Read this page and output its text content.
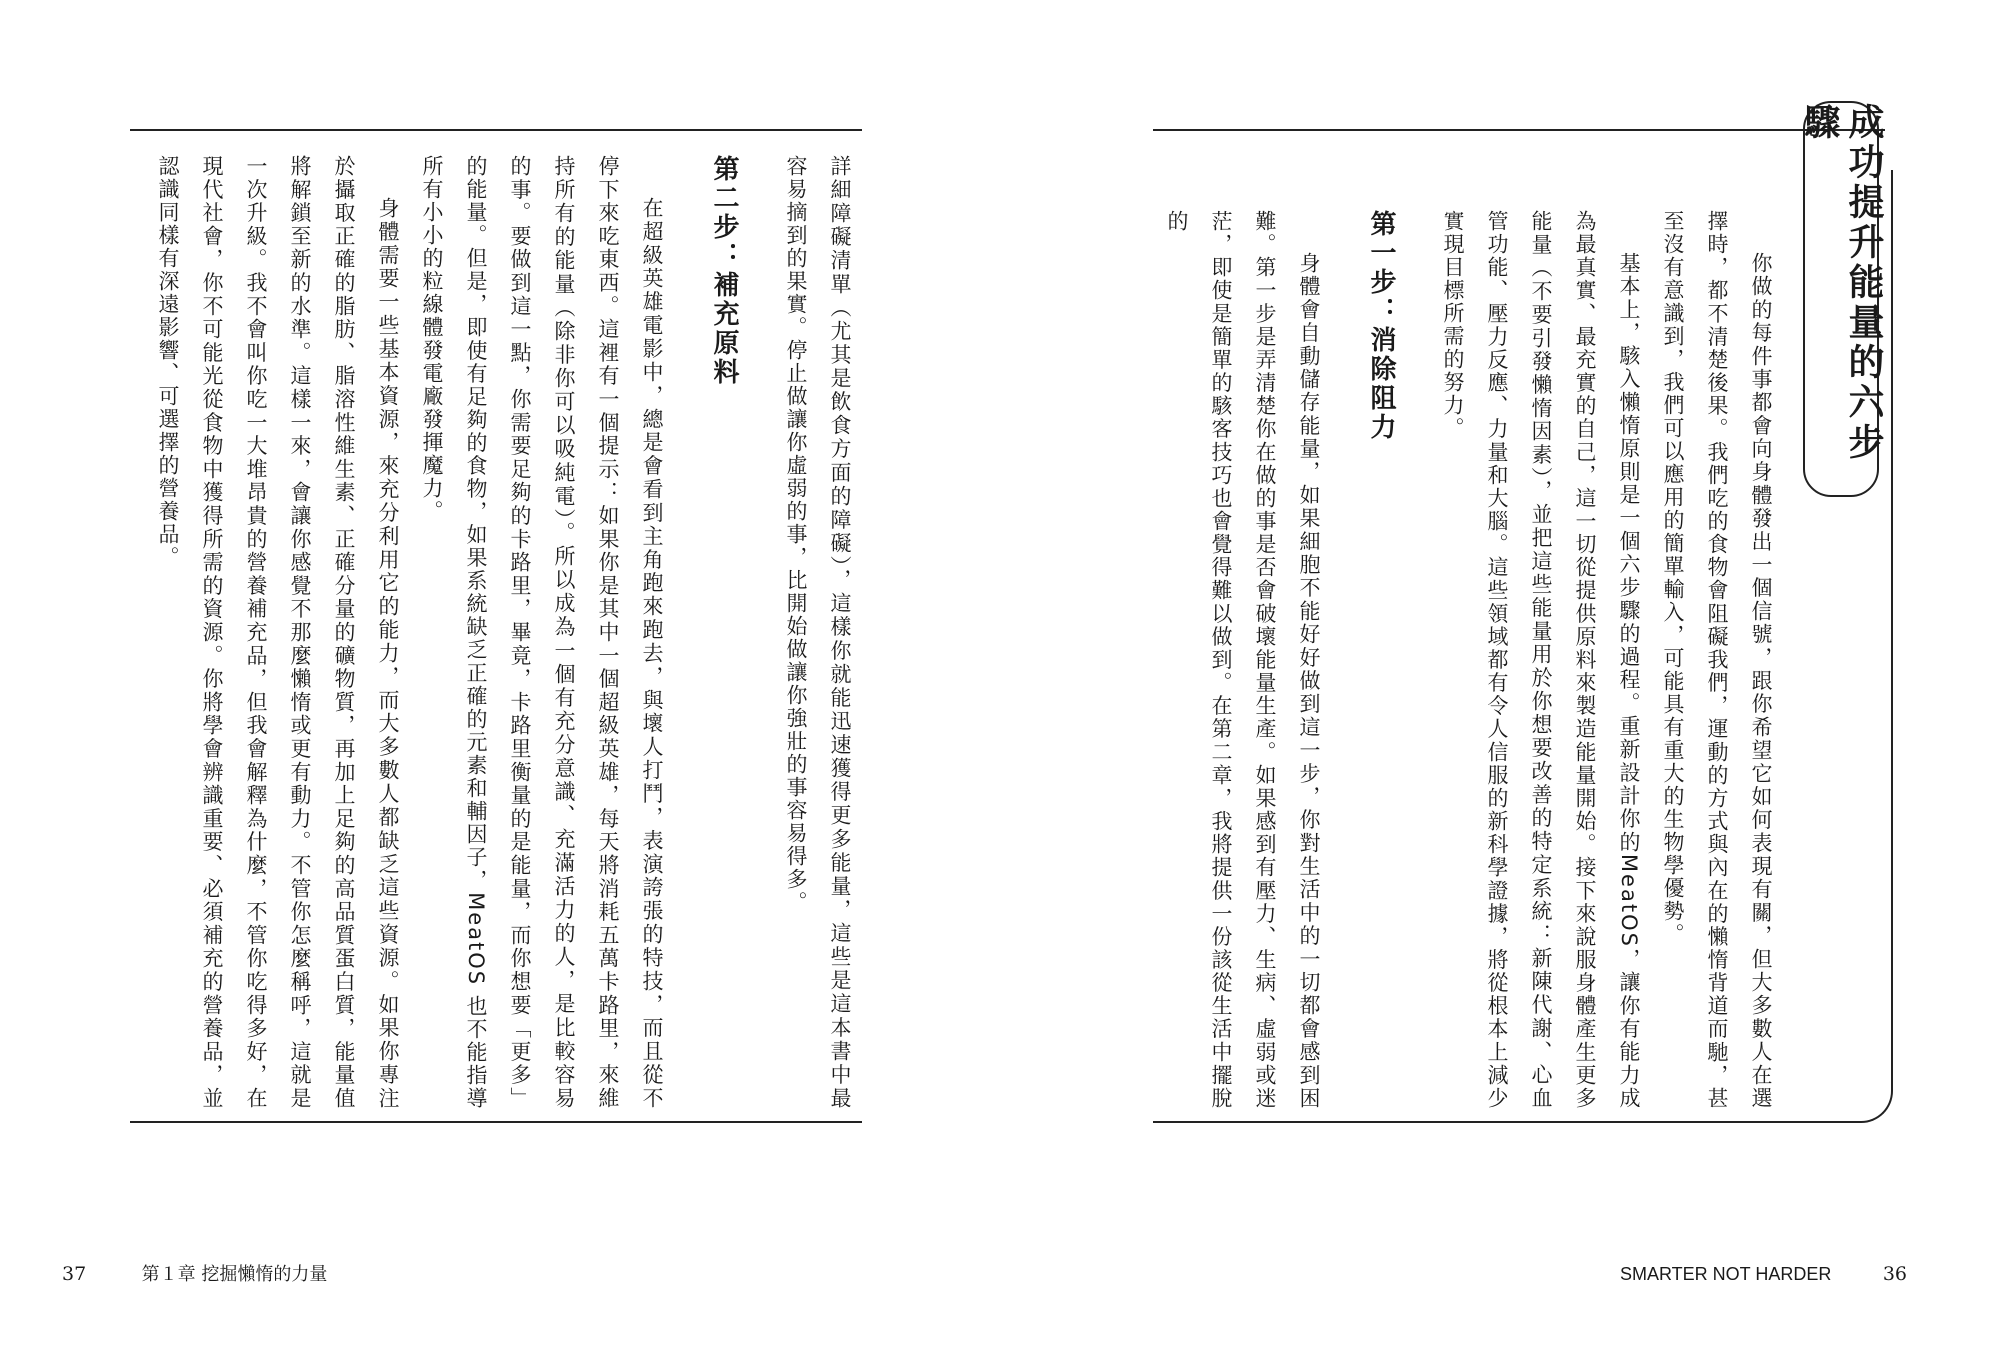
詳細障礙清單（尤其是飲食方面的障礙），這樣你就能迅速獲得更多能量，這些是這本書中最容易摘到的果實。停止做讓你虛弱的事，比開始做讓你強壯的事容易得多。

第二步：補充原料

在超級英雄電影中，總是會看到主角跑來跑去，與壞人打鬥，表演誇張的特技，而且從不停下來吃東西。這裡有一個提示：如果你是其中一個超級英雄，每天將消耗五萬卡路里，來維持所有的能量（除非你可以吸純電）。所以成為一個有充分意識、充滿活力的人，是比較容易的事。要做到這一點，你需要足夠的卡路里，畢竟，卡路里衡量的是能量，而你想要「更多」的能量。但是，即使有足夠的食物，如果系統缺乏正確的元素和輔因子，MeatOS 也不能指導所有小小的粒線體發電廠發揮魔力。

身體需要一些基本資源，來充分利用它的能力，而大多數人都缺乏這些資源。如果你專注於攝取正確的脂肪、脂溶性維生素、正確分量的礦物質，再加上足夠的高品質蛋白質，能量值將解鎖至新的水準。這樣一來，會讓你感覺不那麼懶惰或更有動力。不管你怎麼稱呼，這就是一次升級。我不會叫你吃一大堆昂貴的營養補充品，但我會解釋為什麼，不管你吃得多好，在現代社會，你不可能光從食物中獲得所需的資源。你將學會辨識重要、必須補充的營養品，並認識同樣有深遠影響、可選擇的營養品。

37	第１章 挖掘懶惰的力量
成功提升能量的六步驟

你做的每件事都會向身體發出一個信號，跟你希望它如何表現有關，但大多數人在選擇時，都不清楚後果。我們吃的食物會阻礙我們，運動的方式與內在的懶惰背道而馳，甚至沒有意識到，我們可以應用的簡單輸入，可能具有重大的生物學優勢。

基本上，駭入懶惰原則是一個六步驟的過程。重新設計你的MeatOS，讓你有能力成為最真實、最充實的自己，這一切從提供原料來製造能量開始。接下來說服身體產生更多能量（不要引發懶惰因素），並把這些能量用於你想要改善的特定系統：新陳代謝、心血管功能、壓力反應、力量和大腦。這些領域都有令人信服的新科學證據，將從根本上減少實現目標所需的努力。

第一步：消除阻力

身體會自動儲存能量，如果細胞不能好好做到這一步，你對生活中的一切都會感到困難。第一步是弄清楚你在做的事是否會破壞能量生產。如果感到有壓力、生病、虛弱或迷茫，即使是簡單的駭客技巧也會覺得難以做到。在第二章，我將提供一份該從生活中擺脫的

SMARTER NOT HARDER	36
